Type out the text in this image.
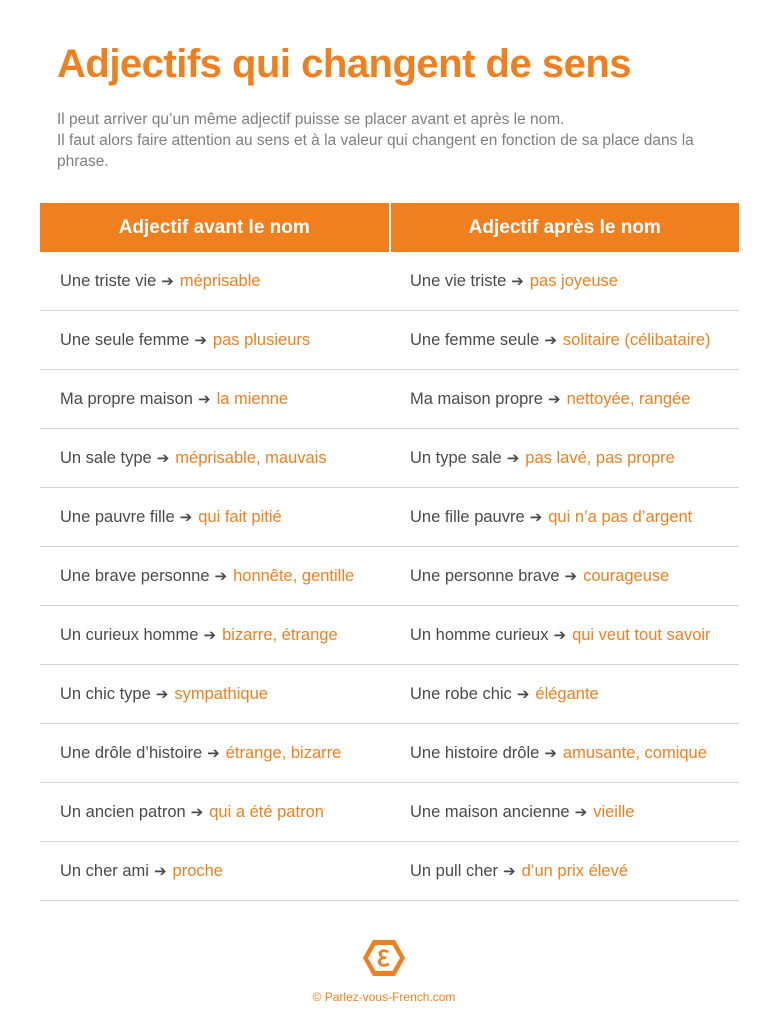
Adjectifs qui changent de sens

Il peut arriver qu’un même adjectif puisse se placer avant et après le nom.

Il faut alors faire attention au sens et à la valeur qui changent en fonction de sa place dans la phrase.

Adjectif avant le nom	Adjectif après le nom
Une triste vie ➔ méprisable	Une vie triste ➔ pas joyeuse
Une seule femme ➔ pas plusieurs	Une femme seule ➔ solitaire (célibataire)
Ma propre maison ➔ la mienne	Ma maison propre ➔ nettoyée, rangée
Un sale type ➔ méprisable, mauvais	Un type sale ➔ pas lavé, pas propre
Une pauvre fille ➔ qui fait pitié	Une fille pauvre ➔ qui n’a pas d’argent
Une brave personne ➔ honnête, gentille	Une personne brave ➔ courageuse
Un curieux homme ➔ bizarre, étrange	Un homme curieux ➔ qui veut tout savoir
Un chic type ➔ sympathique	Une robe chic ➔ élégante
Une drôle d’histoire ➔ étrange, bizarre	Une histoire drôle ➔ amusante, comique
Un ancien patron ➔ qui a été patron	Une maison ancienne ➔ vieille
Un cher ami ➔ proche	Un pull cher ➔ d’un prix élevé
© Parlez-vous-French.com
